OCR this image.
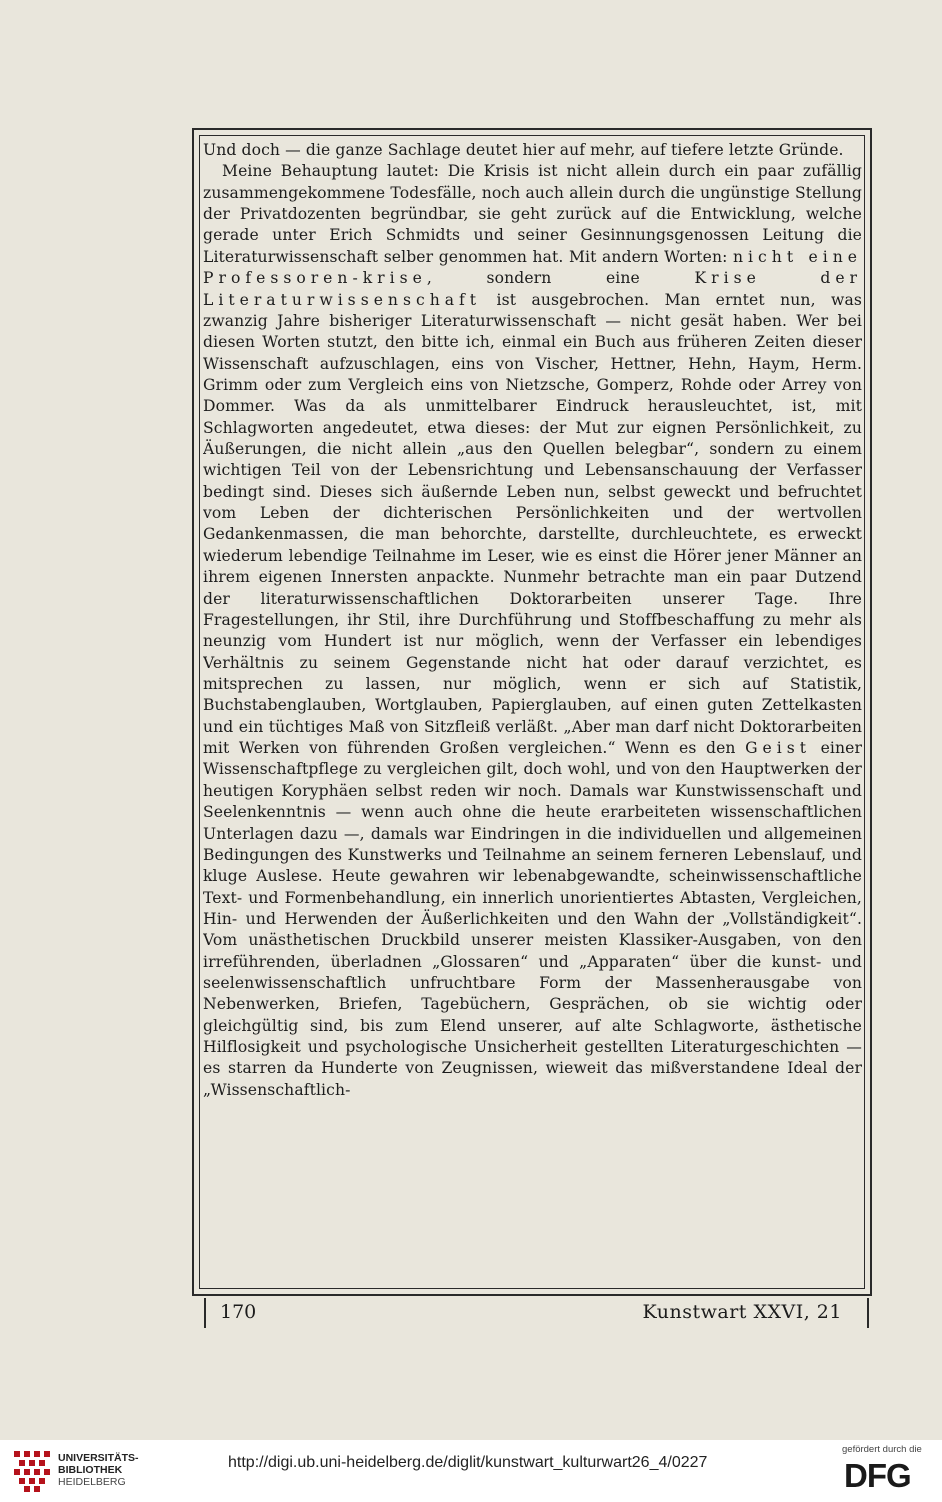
Und doch — die ganze Sachlage deutet hier auf mehr, auf tiefere letzte Gründe.

Meine Behauptung lautet: Die Krisis ist nicht allein durch ein paar zufällig zusammengekommene Todesfälle, noch auch allein durch die ungünstige Stellung der Privatdozenten begründbar, sie geht zurück auf die Entwicklung, welche gerade unter Erich Schmidts und seiner Gesinnungsgenossen Leitung die Literaturwissenschaft selber genommen hat. Mit andern Worten: nicht eine Professoren-krise, sondern eine	Krise der Literaturwissenschaft ist ausgebrochen. Man erntet nun, was zwanzig Jahre bisheriger Literaturwissenschaft — nicht gesät haben. Wer bei diesen Worten stutzt, den bitte ich, einmal ein Buch aus früheren Zeiten dieser Wissenschaft aufzuschlagen, eins von Vischer, Hettner, Hehn, Haym, Herm. Grimm oder zum Vergleich eins von Nietzsche, Gomperz, Rohde oder Arrey von Dommer. Was da als unmittelbarer Eindruck herausleuchtet, ist, mit Schlagworten angedeutet, etwa dieses: der Mut zur eignen Persönlichkeit, zu Äußerungen, die nicht allein „aus den Quellen belegbar“, sondern zu einem wichtigen Teil von der Lebensrichtung und Lebensanschauung der Verfasser bedingt sind. Dieses sich äußernde Leben nun, selbst geweckt und befruchtet vom Leben der dichterischen Persönlichkeiten und der wertvollen Gedankenmassen, die man behorchte, darstellte, durchleuchtete, es erweckt wiederum lebendige Teilnahme im Leser, wie es einst die Hörer jener Männer an ihrem eigenen Innersten anpackte. Nunmehr betrachte man ein paar Dutzend der literaturwissenschaftlichen Doktorarbeiten unserer Tage. Ihre Fragestellungen, ihr Stil, ihre Durchführung und Stoffbeschaffung zu mehr als neunzig vom Hundert ist nur möglich, wenn der Verfasser ein lebendiges Verhältnis zu seinem Gegenstande nicht hat oder darauf verzichtet, es mitsprechen zu lassen, nur möglich, wenn er sich auf Statistik, Buchstabenglauben, Wortglauben, Papierglauben, auf einen guten Zettelkasten und ein tüchtiges Maß von Sitzfleiß verläßt. „Aber man darf nicht Doktorarbeiten mit Werken von führenden Großen vergleichen.“ Wenn es den Geist einer Wissenschaftpflege zu vergleichen gilt, doch wohl, und von den Hauptwerken der heutigen Koryphäen selbst reden wir noch. Damals war Kunstwissenschaft und Seelenkenntnis — wenn auch ohne die heute erarbeiteten wissenschaftlichen Unterlagen dazu —, damals war Eindringen in die individuellen und allgemeinen Bedingungen des Kunstwerks und Teilnahme an seinem ferneren Lebenslauf, und kluge Auslese. Heute gewahren wir lebenabgewandte, scheinwissenschaftliche Text- und Formenbehandlung, ein innerlich unorientiertes Abtasten, Vergleichen, Hin- und Herwenden der Äußerlichkeiten und den Wahn der „Vollständigkeit“. Vom unästhetischen Druckbild unserer meisten Klassiker-Ausgaben, von den irreführenden, überladnen „Glossaren“ und „Apparaten“ über die kunst- und seelenwissenschaftlich unfruchtbare Form der Massenherausgabe von Nebenwerken, Briefen, Tagebüchern, Gesprächen, ob sie wichtig oder gleichgültig sind, bis zum Elend unserer, auf alte Schlagworte, ästhetische Hilflosigkeit und psychologische Unsicherheit gestellten Literaturgeschichten — es starren da Hunderte von Zeugnissen, wieweit das mißverstandene Ideal der „Wissenschaftlich-

170	Kunstwart XXVI, 21
UNIVERSITÄTS-
BIBLIOTHEK
HEIDELBERG
http://digi.ub.uni-heidelberg.de/diglit/kunstwart_kulturwart26_4/0227
gefördert durch die
DFG
